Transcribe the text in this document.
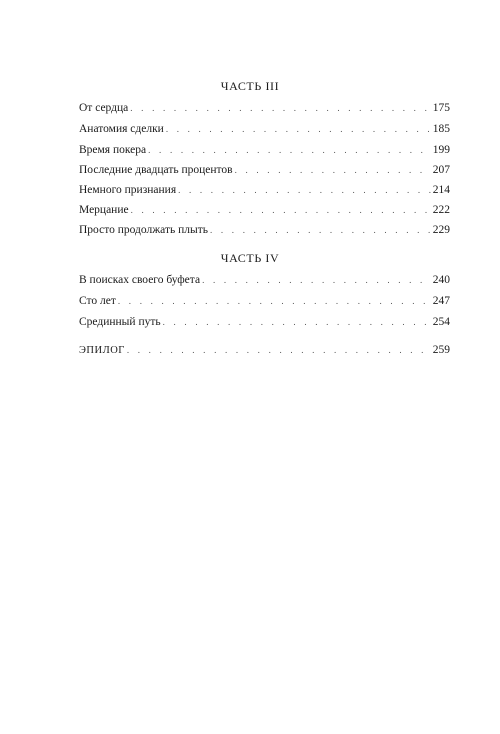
ЧАСТЬ III
От сердца . . .	175
Анатомия сделки . . .	185
Время покера . . .	199
Последние двадцать процентов . . .	207
Немного признания . . .	214
Мерцание . . .	222
Просто продолжать плыть . . .	229
ЧАСТЬ IV
В поисках своего буфета . . .	240
Сто лет . . .	247
Срединный путь . . .	254
ЭПИЛОГ . . .	259
